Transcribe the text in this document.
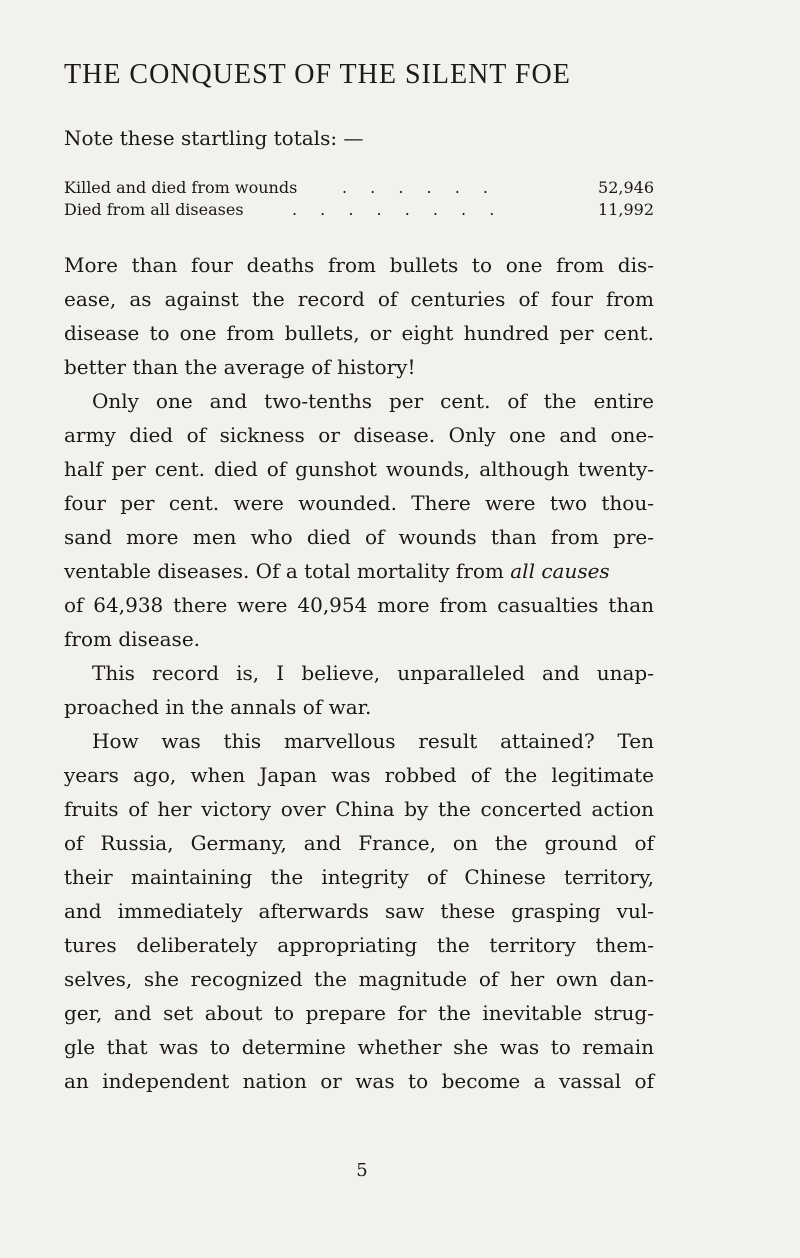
THE CONQUEST OF THE SILENT FOE
Note these startling totals: —
Killed and died from wounds	. . . . . .	52,946
Died from all diseases	. . . . . . . .	11,992
More than four deaths from bullets to one from dis-
ease, as against the record of centuries of four from
disease to one from bullets, or eight hundred per cent.
better than the average of history!
Only one and two-tenths per cent. of the entire
army died of sickness or disease. Only one and one-
half per cent. died of gunshot wounds, although twenty-
four per cent. were wounded. There were two thou-
sand more men who died of wounds than from pre-
ventable diseases. Of a total mortality from all causes
of 64,938 there were 40,954 more from casualties than
from disease.
This record is, I believe, unparalleled and unap-
proached in the annals of war.
How was this marvellous result attained? Ten
years ago, when Japan was robbed of the legitimate
fruits of her victory over China by the concerted action
of Russia, Germany, and France, on the ground of
their maintaining the integrity of Chinese territory,
and immediately afterwards saw these grasping vul-
tures deliberately appropriating the territory them-
selves, she recognized the magnitude of her own dan-
ger, and set about to prepare for the inevitable strug-
gle that was to determine whether she was to remain
an independent nation or was to become a vassal of
5
